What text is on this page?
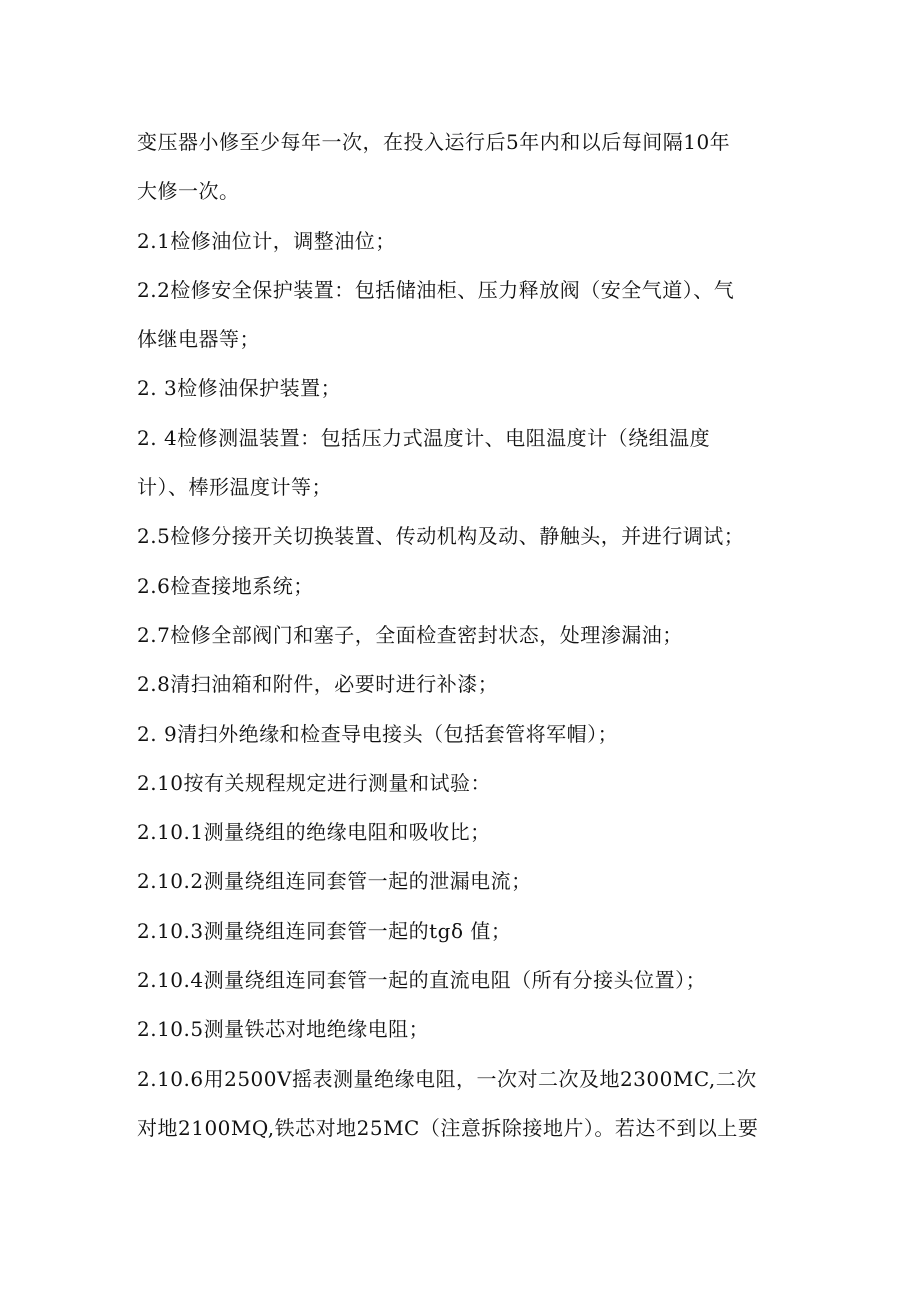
变压器小修至少每年一次，在投入运行后5年内和以后每间隔10年
大修一次。
2.1检修油位计，调整油位；
2.2检修安全保护装置：包括储油柜、压力释放阀（安全气道）、气
体继电器等；
2. 3检修油保护装置；
2. 4检修测温装置：包括压力式温度计、电阻温度计（绕组温度
计）、棒形温度计等；
2.5检修分接开关切换装置、传动机构及动、静触头，并进行调试；
2.6检查接地系统；
2.7检修全部阀门和塞子，全面检查密封状态，处理渗漏油；
2.8清扫油箱和附件，必要时进行补漆；
2. 9清扫外绝缘和检查导电接头（包括套管将军帽）；
2.10按有关规程规定进行测量和试验：
2.10.1测量绕组的绝缘电阻和吸收比；
2.10.2测量绕组连同套管一起的泄漏电流；
2.10.3测量绕组连同套管一起的tgδ 值；
2.10.4测量绕组连同套管一起的直流电阻（所有分接头位置）；
2.10.5测量铁芯对地绝缘电阻；
2.10.6用2500V摇表测量绝缘电阻，一次对二次及地2300MC,二次
对地2100MQ,铁芯对地25MC（注意拆除接地片）。若达不到以上要
